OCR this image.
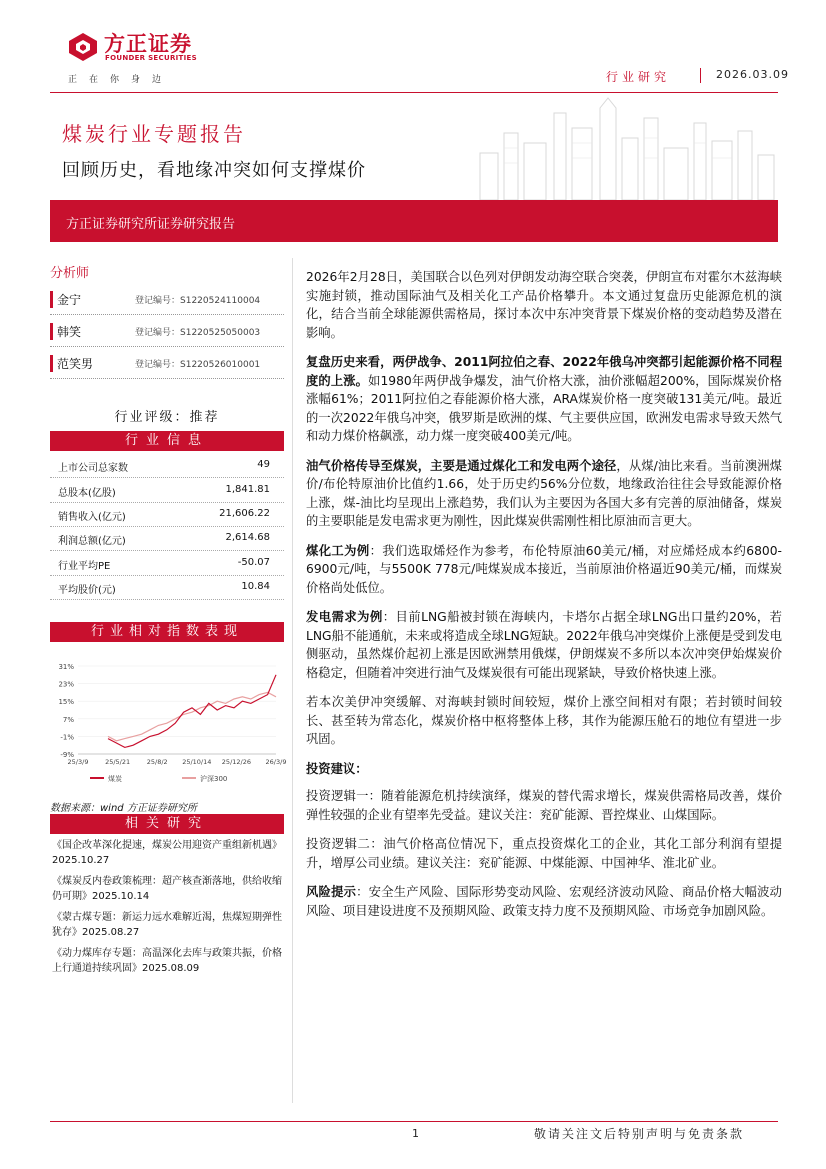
方正证券
FOUNDER SECURITIES
正在你身边	行业研究	2026.03.09
煤炭行业专题报告
回顾历史，看地缘冲突如何支撑煤价
方正证券研究所证券研究报告
分析师
金宁	登记编号：S1220524110004
韩笑	登记编号：S1220525050003
范笑男	登记编号：S1220526010001
行业评级：推荐
行业信息
上市公司总家数	49
总股本(亿股)	1,841.81
销售收入(亿元)	21,606.22
利润总额(亿元)	2,614.68
行业平均PE	-50.07
平均股价(元)	10.84
行业相对指数表现
31%
23%
15%
7%
-1%
-9%
25/3/9	25/5/21	25/8/2 25/10/14 25/12/26 26/3/9
煤炭	沪深300
数据来源：wind 方正证券研究所
相关研究
《国企改革深化提速，煤炭公用迎资产重组新机遇》2025.10.27
《煤炭反内卷政策梳理：超产核查渐落地，供给收缩仍可期》2025.10.14
《蒙古煤专题：新运力远水难解近渴，焦煤短期弹性犹存》2025.08.27
《动力煤库存专题：高温深化去库与政策共振，价格上行通道持续巩固》2025.08.09

2026年2月28日，美国联合以色列对伊朗发动海空联合突袭，伊朗宣布对霍尔木兹海峡实施封锁，推动国际油气及相关化工产品价格攀升。本文通过复盘历史能源危机的演化，结合当前全球能源供需格局，探讨本次中东冲突背景下煤炭价格的变动趋势及潜在影响。

复盘历史来看，两伊战争、2011阿拉伯之春、2022年俄乌冲突都引起能源价格不同程度的上涨。如1980年两伊战争爆发，油气价格大涨，油价涨幅超200%，国际煤炭价格涨幅61%；2011阿拉伯之春能源价格大涨，ARA煤炭价格一度突破131美元/吨。最近的一次2022年俄乌冲突，俄罗斯是欧洲的煤、气主要供应国，欧洲发电需求导致天然气和动力煤价格飙涨，动力煤一度突破400美元/吨。

油气价格传导至煤炭，主要是通过煤化工和发电两个途径，从煤/油比来看。当前澳洲煤价/布伦特原油价比值约1.66，处于历史约56%分位数，地缘政治往往会导致能源价格上涨，煤-油比均呈现出上涨趋势，我们认为主要因为各国大多有完善的原油储备，煤炭的主要职能是发电需求更为刚性，因此煤炭供需刚性相比原油而言更大。

煤化工为例：我们选取烯烃作为参考，布伦特原油60美元/桶，对应烯烃成本约6800-6900元/吨，与5500K 778元/吨煤炭成本接近，当前原油价格逼近90美元/桶，而煤炭价格尚处低位。

发电需求为例：目前LNG船被封锁在海峡内，卡塔尔占据全球LNG出口量约20%，若LNG船不能通航，未来或将造成全球LNG短缺。2022年俄乌冲突煤价上涨便是受到发电侧驱动，虽然煤价起初上涨是因欧洲禁用俄煤，伊朗煤炭不多所以本次冲突伊始煤炭价格稳定，但随着冲突进行油气及煤炭很有可能出现紧缺，导致价格快速上涨。

若本次美伊冲突缓解、对海峡封锁时间较短，煤价上涨空间相对有限；若封锁时间较长、甚至转为常态化，煤炭价格中枢将整体上移，其作为能源压舱石的地位有望进一步巩固。

投资建议：

投资逻辑一：随着能源危机持续演绎，煤炭的替代需求增长，煤炭供需格局改善，煤价弹性较强的企业有望率先受益。建议关注：兖矿能源、晋控煤业、山煤国际。

投资逻辑二：油气价格高位情况下，重点投资煤化工的企业，其化工部分利润有望提升，增厚公司业绩。建议关注：兖矿能源、中煤能源、中国神华、淮北矿业。

风险提示：安全生产风险、国际形势变动风险、宏观经济波动风险、商品价格大幅波动风险、项目建设进度不及预期风险、政策支持力度不及预期风险、市场竞争加剧风险。

1	敬请关注文后特别声明与免责条款
